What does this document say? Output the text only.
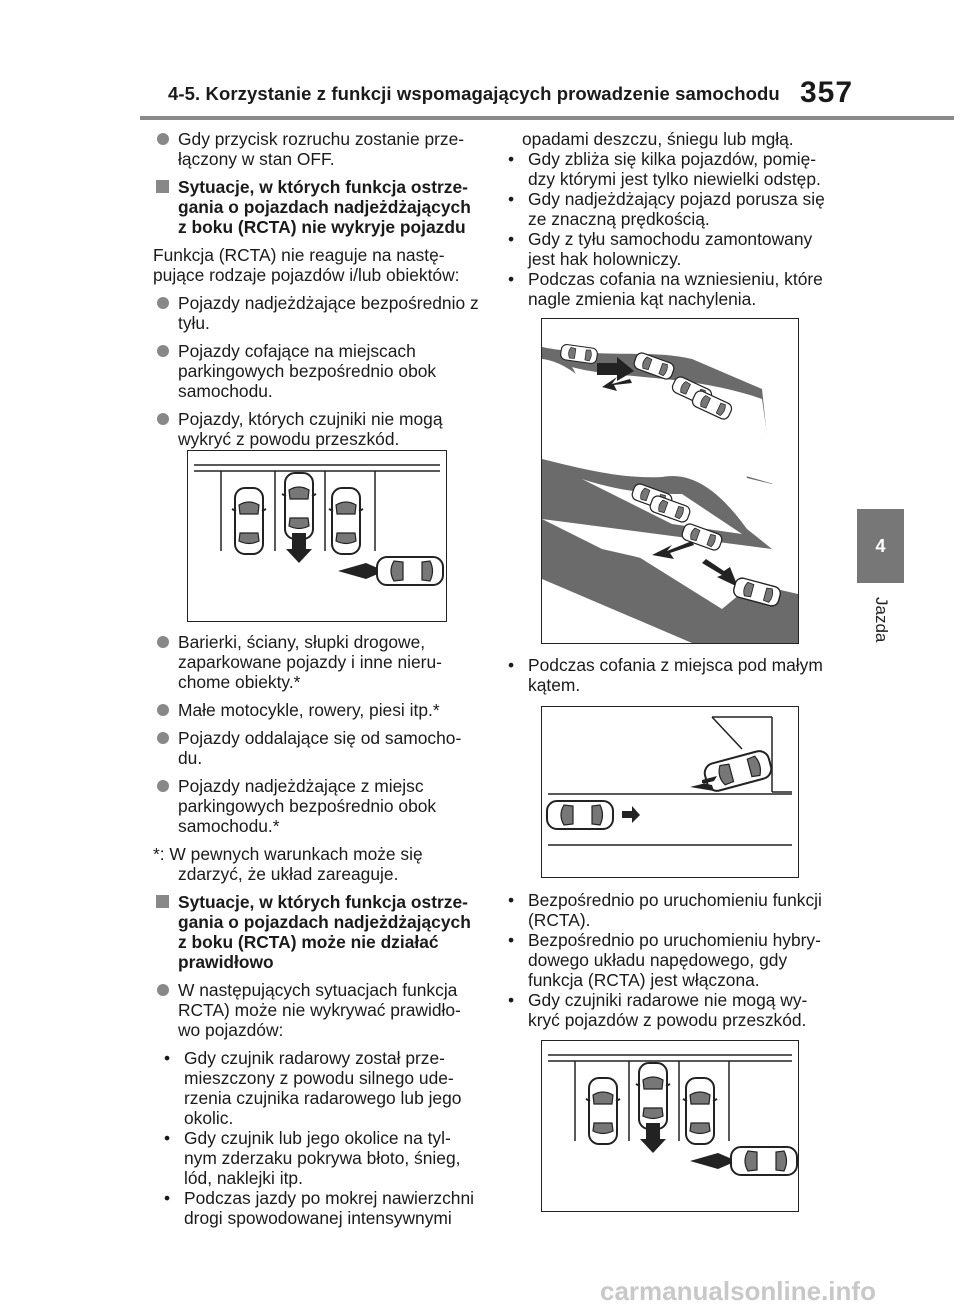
4-5. Korzystanie z funkcji wspomagających prowadzenie samochodu 357
4
Jazda

Gdy przycisk rozruchu zostanie prze-łączony w stan OFF.

Sytuacje, w których funkcja ostrze-gania o pojazdach nadjeżdżających z boku (RCTA) nie wykryje pojazdu

Funkcja (RCTA) nie reaguje na nastę-pujące rodzaje pojazdów i/lub obiektów:

Pojazdy nadjeżdżające bezpośrednio z tyłu.

Pojazdy cofające na miejscach parkingowych bezpośrednio obok samochodu.

Pojazdy, których czujniki nie mogą wykryć z powodu przeszkód.

Barierki, ściany, słupki drogowe, zaparkowane pojazdy i inne nieru-chome obiekty.*

Małe motocykle, rowery, piesi itp.*

Pojazdy oddalające się od samocho-du.

Pojazdy nadjeżdżające z miejsc parkingowych bezpośrednio obok samochodu.*

*: W pewnych warunkach może się
zdarzyć, że układ zareaguje.

Sytuacje, w których funkcja ostrze-gania o pojazdach nadjeżdżających z boku (RCTA) może nie działać prawidłowo

W następujących sytuacjach funkcja RCTA) może nie wykrywać prawidło-wo pojazdów:

• Gdy czujnik radarowy został prze-mieszczony z powodu silnego ude-rzenia czujnika radarowego lub jego okolic.

• Gdy czujnik lub jego okolice na tyl-nym zderzaku pokrywa błoto, śnieg, lód, naklejki itp.

• Podczas jazdy po mokrej nawierzchni drogi spowodowanej intensywnymi

opadami deszczu, śniegu lub mgłą.

• Gdy zbliża się kilka pojazdów, pomię-dzy którymi jest tylko niewielki odstęp.

• Gdy nadjeżdżający pojazd porusza się ze znaczną prędkością.

• Gdy z tyłu samochodu zamontowany jest hak holowniczy.

• Podczas cofania na wzniesieniu, które nagle zmienia kąt nachylenia.

• Podczas cofania z miejsca pod małym kątem.

• Bezpośrednio po uruchomieniu funkcji (RCTA).

• Bezpośrednio po uruchomieniu hybry-dowego układu napędowego, gdy funkcja (RCTA) jest włączona.

• Gdy czujniki radarowe nie mogą wy-kryć pojazdów z powodu przeszkód.

carmanualsonline.info
